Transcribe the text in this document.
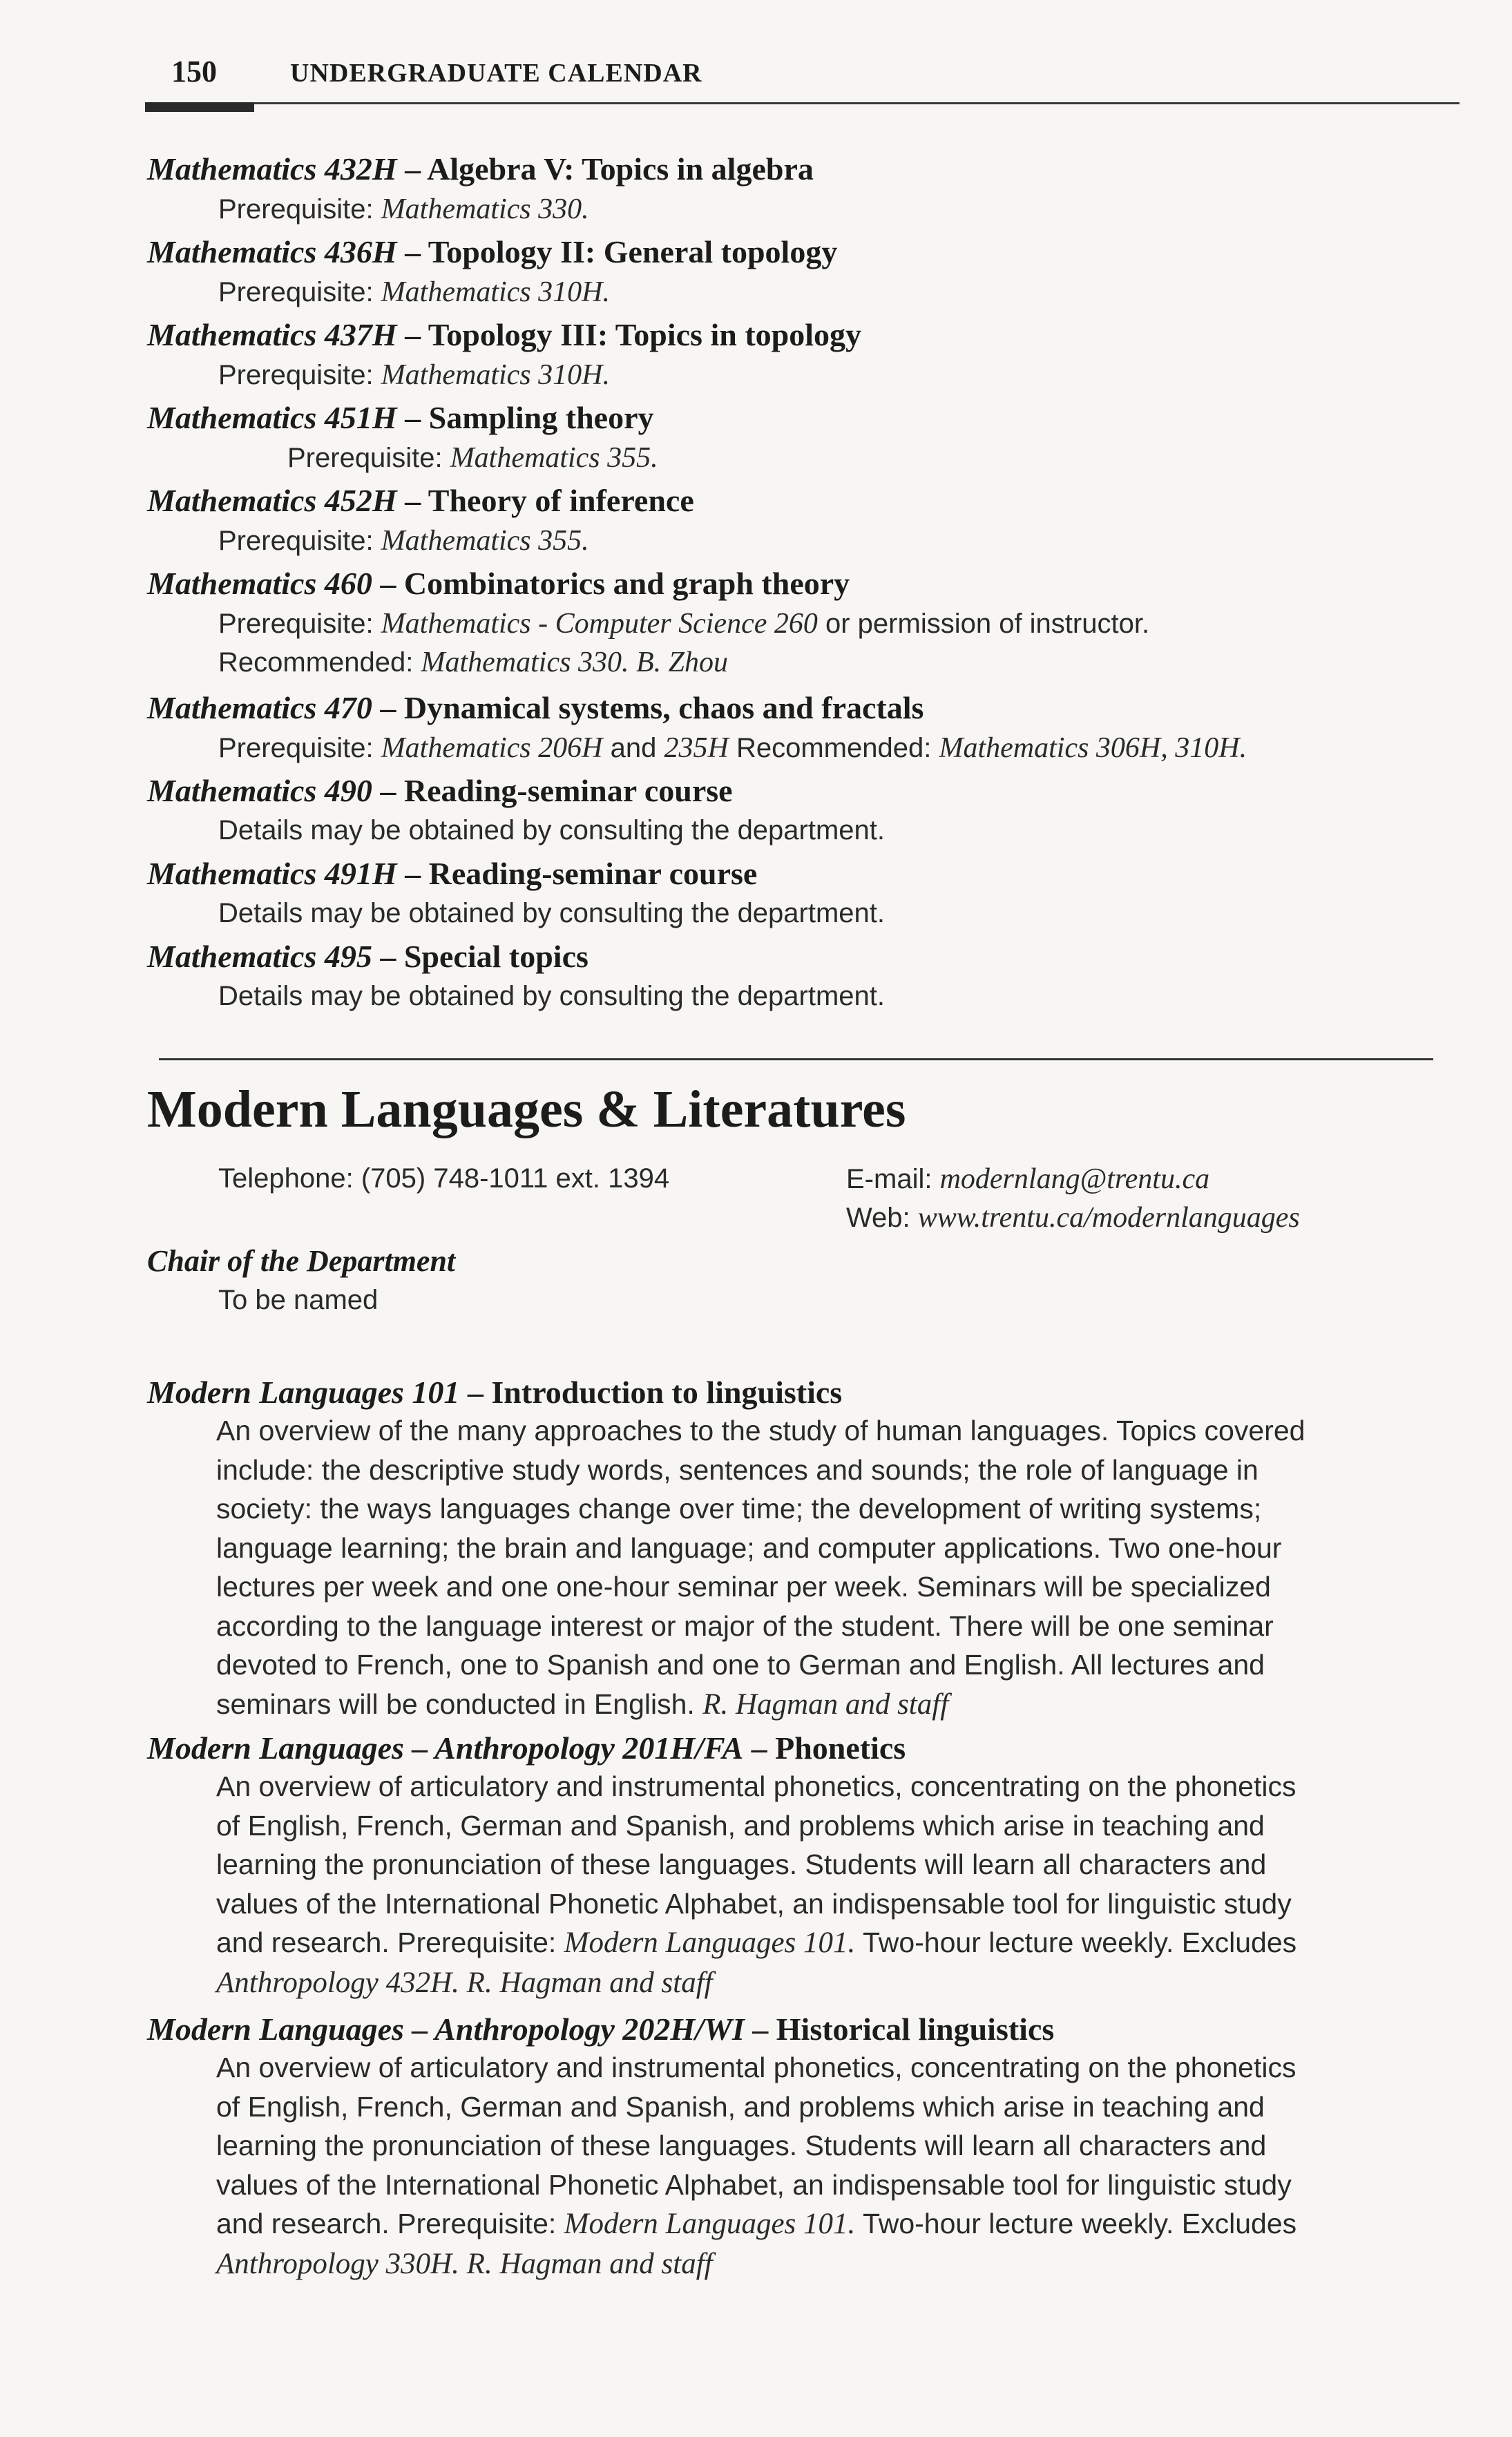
150	UNDERGRADUATE CALENDAR
Mathematics 432H – Algebra V: Topics in algebra
Prerequisite: Mathematics 330.
Mathematics 436H – Topology II: General topology
Prerequisite: Mathematics 310H.
Mathematics 437H – Topology III: Topics in topology
Prerequisite: Mathematics 310H.
Mathematics 451H – Sampling theory
Prerequisite: Mathematics 355.
Mathematics 452H – Theory of inference
Prerequisite: Mathematics 355.
Mathematics 460 – Combinatorics and graph theory
Prerequisite: Mathematics - Computer Science 260 or permission of instructor.
Recommended: Mathematics 330. B. Zhou
Mathematics 470 – Dynamical systems, chaos and fractals
Prerequisite: Mathematics 206H and 235H Recommended: Mathematics 306H, 310H.
Mathematics 490 – Reading-seminar course
Details may be obtained by consulting the department.
Mathematics 491H – Reading-seminar course
Details may be obtained by consulting the department.
Mathematics 495 – Special topics
Details may be obtained by consulting the department.
Modern Languages & Literatures
Telephone: (705) 748-1011 ext. 1394	E-mail: modernlang@trentu.ca
Web: www.trentu.ca/modernlanguages
Chair of the Department
To be named
Modern Languages 101 – Introduction to linguistics
An overview of the many approaches to the study of human languages. Topics covered
include: the descriptive study words, sentences and sounds; the role of language in
society: the ways languages change over time; the development of writing systems;
language learning; the brain and language; and computer applications. Two one-hour
lectures per week and one one-hour seminar per week. Seminars will be specialized
according to the language interest or major of the student. There will be one seminar
devoted to French, one to Spanish and one to German and English. All lectures and
seminars will be conducted in English. R. Hagman and staff
Modern Languages – Anthropology 201H/FA – Phonetics
An overview of articulatory and instrumental phonetics, concentrating on the phonetics
of English, French, German and Spanish, and problems which arise in teaching and
learning the pronunciation of these languages. Students will learn all characters and
values of the International Phonetic Alphabet, an indispensable tool for linguistic study
and research. Prerequisite: Modern Languages 101. Two-hour lecture weekly. Excludes
Anthropology 432H. R. Hagman and staff
Modern Languages – Anthropology 202H/WI – Historical linguistics
An overview of articulatory and instrumental phonetics, concentrating on the phonetics
of English, French, German and Spanish, and problems which arise in teaching and
learning the pronunciation of these languages. Students will learn all characters and
values of the International Phonetic Alphabet, an indispensable tool for linguistic study
and research. Prerequisite: Modern Languages 101. Two-hour lecture weekly. Excludes
Anthropology 330H. R. Hagman and staff
